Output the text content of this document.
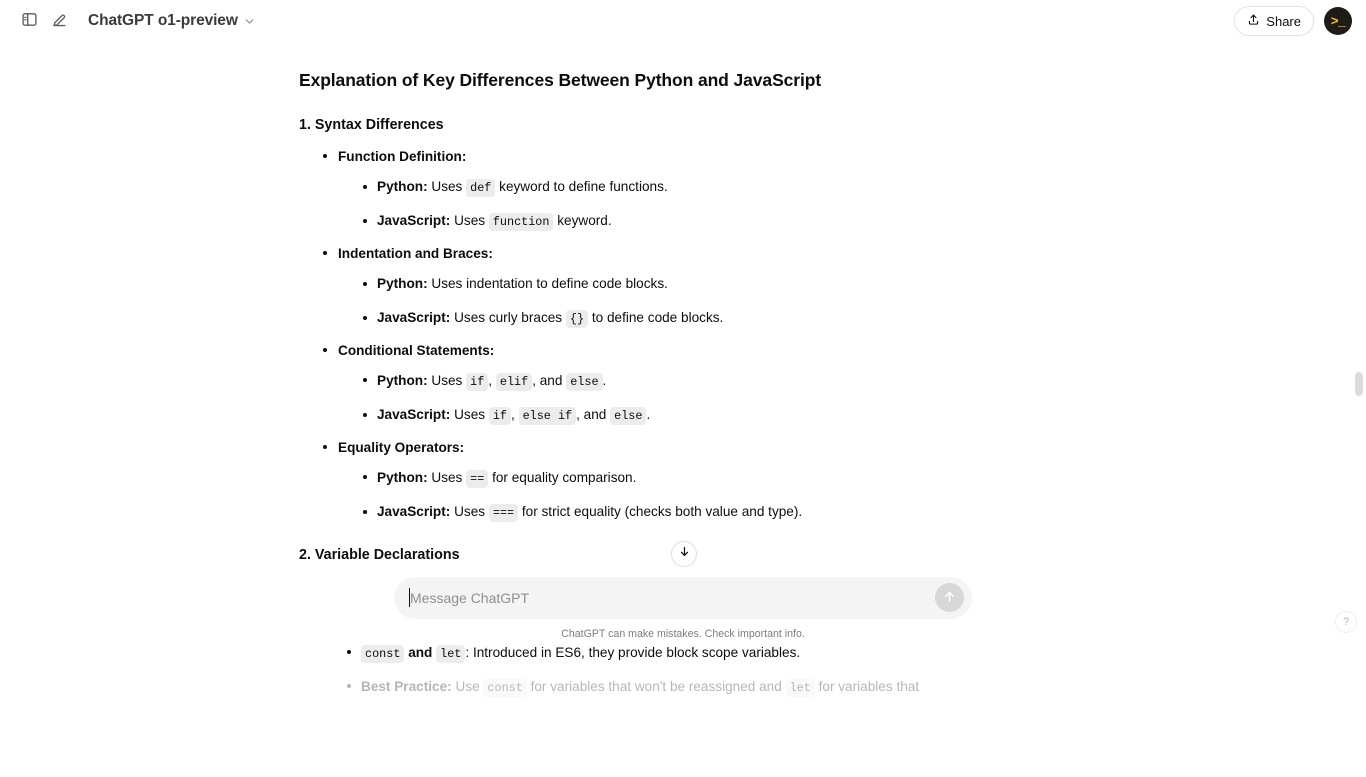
ChatGPT o1-preview	Share >_
Explanation of Key Differences Between Python and JavaScript
1. Syntax Differences
Function Definition:
Python: Uses def keyword to define functions.
JavaScript: Uses function keyword.
Indentation and Braces:
Python: Uses indentation to define code blocks.
JavaScript: Uses curly braces {} to define code blocks.
Conditional Statements:
Python: Uses if , elif , and else .
JavaScript: Uses if , else if , and else .
Equality Operators:
Python: Uses == for equality comparison.
JavaScript: Uses === for strict equality (checks both value and type).
2. Variable Declarations
const and let : Introduced in ES6, they provide block scope variables.
Best Practice: Use const for variables that won't be reassigned and let for variables that
Message ChatGPT
ChatGPT can make mistakes. Check important info.
?
